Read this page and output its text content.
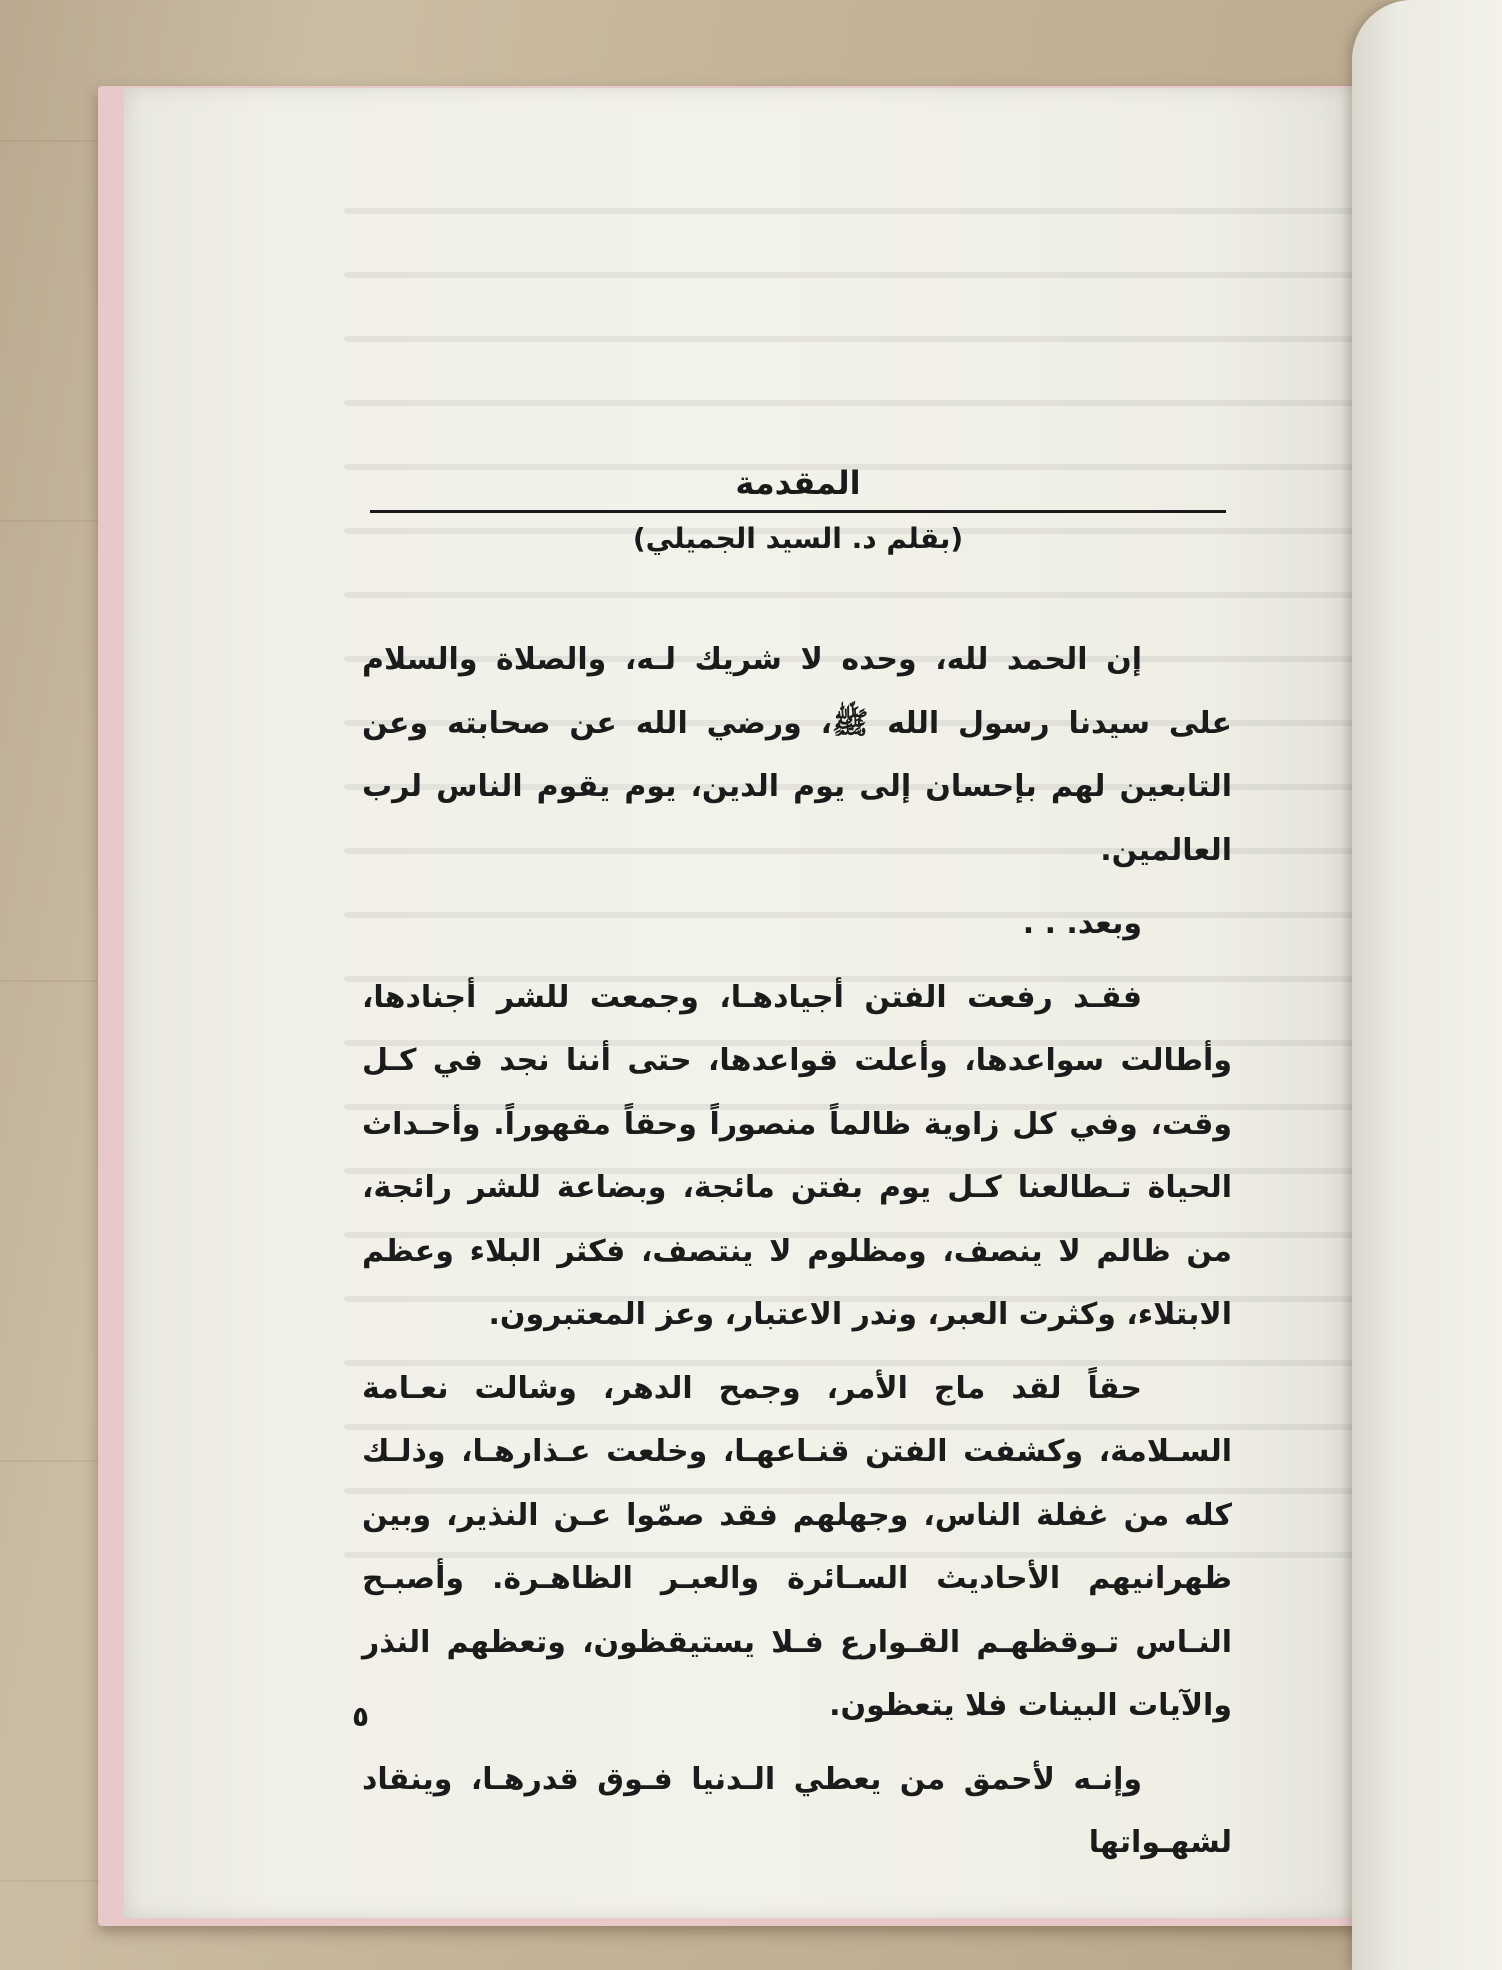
المقدمة
(بقلم د. السيد الجميلي)

إن الحمد لله، وحده لا شريك لـه، والصلاة والسلام على سيدنا رسول الله ﷺ، ورضي الله عن صحابته وعن التابعين لهم بإحسان إلى يوم الدين، يوم يقوم الناس لرب العالمين.

وبعد. . .

فقـد رفعت الفتن أجيادهـا، وجمعت للشر أجنادها، وأطالت سواعدها، وأعلت قواعدها، حتى أننا نجد في كـل وقت، وفي كل زاوية ظالماً منصوراً وحقاً مقهوراً. وأحـداث الحياة تـطالعنا كـل يوم بفتن مائجة، وبضاعة للشر رائجة، من ظالم لا ينصف، ومظلوم لا ينتصف، فكثر البلاء وعظم الابتلاء، وكثرت العبر، وندر الاعتبار، وعز المعتبرون.

حقاً لقد ماج الأمر، وجمح الدهر، وشالت نعـامة السـلامة، وكشفت الفتن قنـاعهـا، وخلعت عـذارهـا، وذلـك كله من غفلة الناس، وجهلهم فقد صمّوا عـن النذير، وبين ظهرانيهم الأحاديث السـائرة والعبـر الظاهـرة. وأصبـح النـاس تـوقظهـم القـوارع فـلا يستيقظون، وتعظهم النذر والآيات البينات فلا يتعظون.

وإنـه لأحمق من يعطي الـدنيا فـوق قدرهـا، وينقاد لشهـواتها

٥
